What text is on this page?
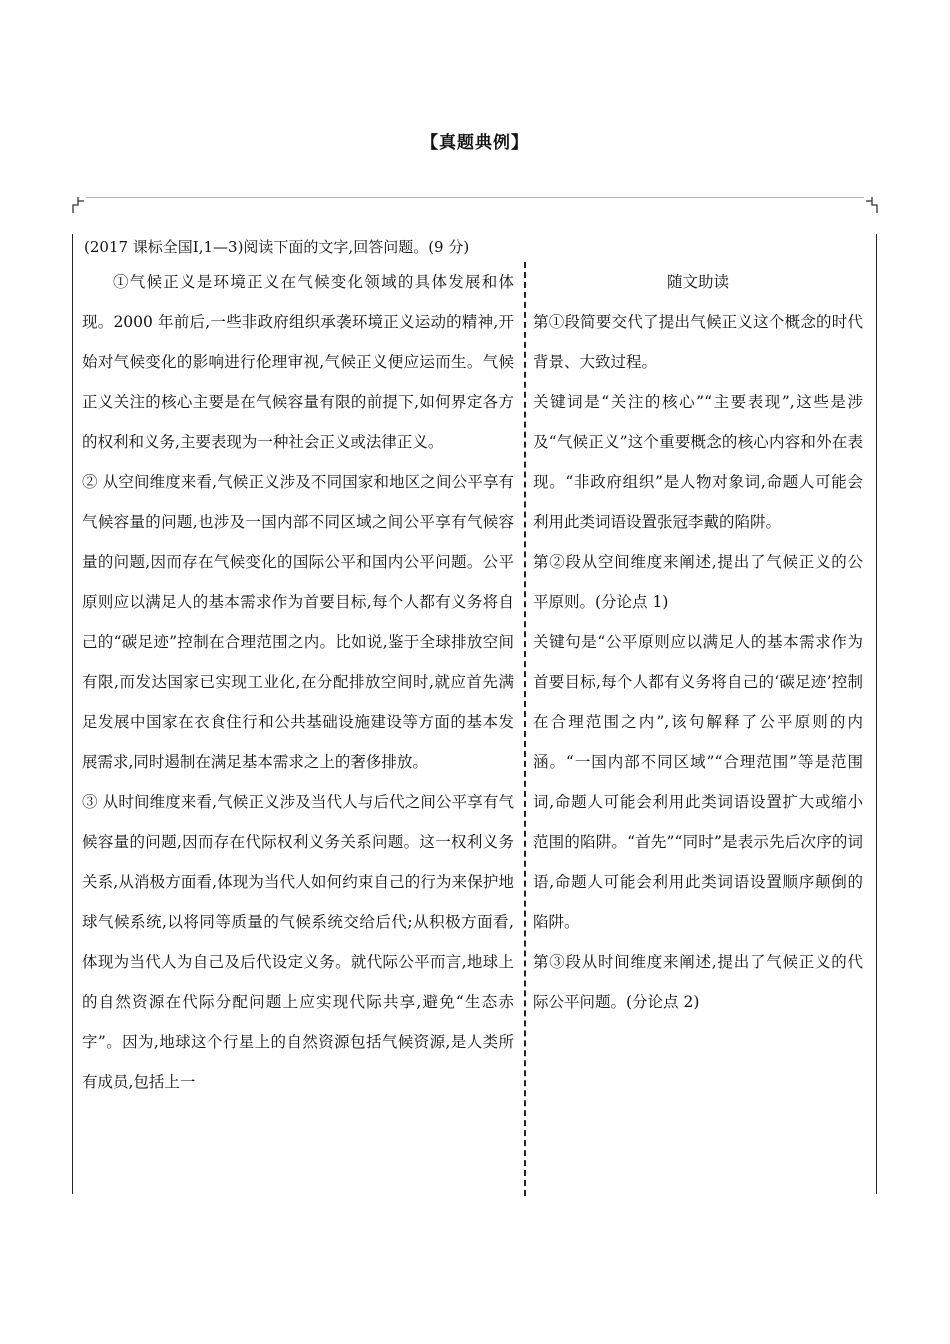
【真题典例】
(2017 课标全国Ⅰ,1—3)阅读下面的文字,回答问题。(9 分)

①气候正义是环境正义在气候变化领域的具体发展和体现。2000 年前后,一些非政府组织承袭环境正义运动的精神,开始对气候变化的影响进行伦理审视,气候正义便应运而生。气候正义关注的核心主要是在气候容量有限的前提下,如何界定各方的权利和义务,主要表现为一种社会正义或法律正义。

② 从空间维度来看,气候正义涉及不同国家和地区之间公平享有气候容量的问题,也涉及一国内部不同区域之间公平享有气候容量的问题,因而存在气候变化的国际公平和国内公平问题。公平原则应以满足人的基本需求作为首要目标,每个人都有义务将自己的“碳足迹”控制在合理范围之内。比如说,鉴于全球排放空间有限,而发达国家已实现工业化,在分配排放空间时,就应首先满足发展中国家在衣食住行和公共基础设施建设等方面的基本发展需求,同时遏制在满足基本需求之上的奢侈排放。

③ 从时间维度来看,气候正义涉及当代人与后代之间公平享有气候容量的问题,因而存在代际权利义务关系问题。这一权利义务关系,从消极方面看,体现为当代人如何约束自己的行为来保护地球气候系统,以将同等质量的气候系统交给后代;从积极方面看,体现为当代人为自己及后代设定义务。就代际公平而言,地球上的自然资源在代际分配问题上应实现代际共享,避免“生态赤字”。因为,地球这个行星上的自然资源包括气候资源,是人类所有成员,包括上一

随文助读

第①段简要交代了提出气候正义这个概念的时代背景、大致过程。

关键词是“关注的核心”“主要表现”,这些是涉及“气候正义”这个重要概念的核心内容和外在表现。“非政府组织”是人物对象词,命题人可能会利用此类词语设置张冠李戴的陷阱。

第②段从空间维度来阐述,提出了气候正义的公平原则。(分论点 1)

关键句是“公平原则应以满足人的基本需求作为首要目标,每个人都有义务将自己的‘碳足迹’控制在合理范围之内”,该句解释了公平原则的内涵。“一国内部不同区域”“合理范围”等是范围词,命题人可能会利用此类词语设置扩大或缩小范围的陷阱。“首先”“同时”是表示先后次序的词语,命题人可能会利用此类词语设置顺序颠倒的陷阱。

第③段从时间维度来阐述,提出了气候正义的代际公平问题。(分论点 2)
